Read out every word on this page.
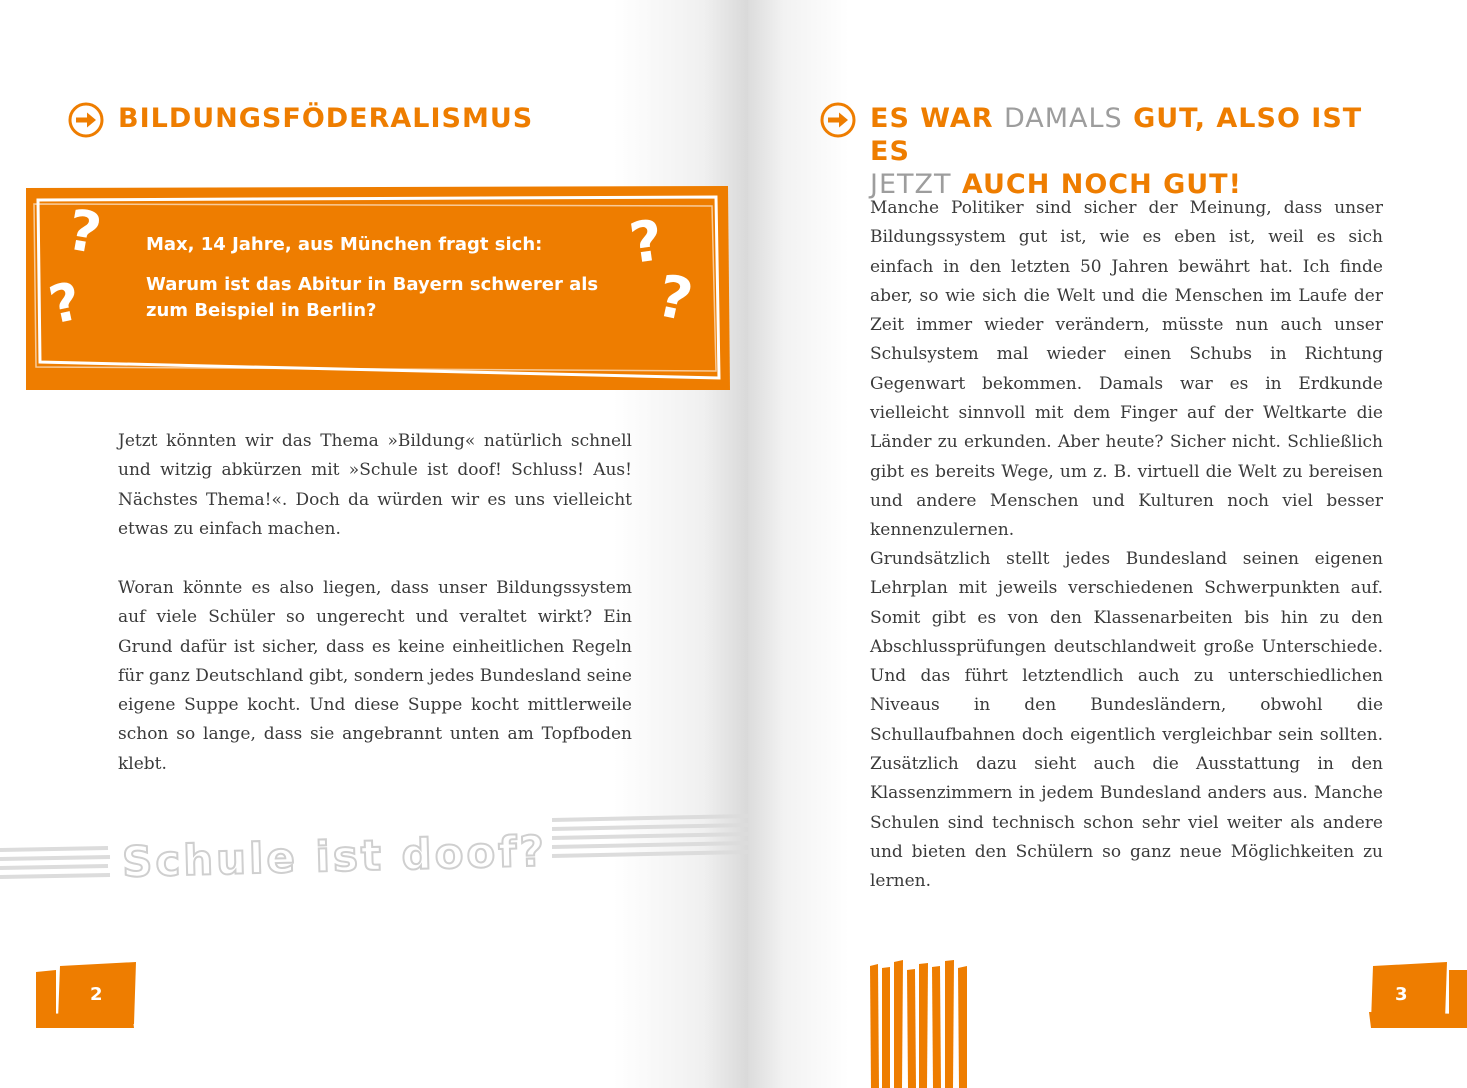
BILDUNGSFÖDERALISMUS
?
?
?
?

Max, 14 Jahre, aus München fragt sich:

Warum ist das Abitur in Bayern schwerer als zum Beispiel in Berlin?

Jetzt könnten wir das Thema »Bildung« natürlich schnell und witzig abkürzen mit »Schule ist doof! Schluss! Aus! Nächstes Thema!«. Doch da würden wir es uns vielleicht etwas zu einfach machen.

Woran könnte es also liegen, dass unser Bildungssystem auf viele Schüler so ungerecht und veraltet wirkt? Ein Grund dafür ist sicher, dass es keine einheitlichen Regeln für ganz Deutschland gibt, sondern jedes Bundesland seine eigene Suppe kocht. Und diese Suppe kocht mittlerweile schon so lange, dass sie angebrannt unten am Topfboden klebt.

Schule ist doof?
2
ES WAR DAMALS GUT, ALSO IST ES
JETZT AUCH NOCH GUT!

Manche Politiker sind sicher der Meinung, dass unser Bildungssystem gut ist, wie es eben ist, weil es sich einfach in den letzten 50 Jahren bewährt hat. Ich finde aber, so wie sich die Welt und die Menschen im Laufe der Zeit immer wieder verändern, müsste nun auch unser Schulsystem mal wieder einen Schubs in Richtung Gegenwart bekommen. Damals war es in Erdkunde vielleicht sinnvoll mit dem Finger auf der Weltkarte die Länder zu erkunden. Aber heute? Sicher nicht. Schließlich gibt es bereits Wege, um z. B. virtuell die Welt zu bereisen und andere Menschen und Kulturen noch viel besser kennenzulernen.

Grundsätzlich stellt jedes Bundesland seinen eigenen Lehrplan mit jeweils verschiedenen Schwerpunkten auf. Somit gibt es von den Klassenarbeiten bis hin zu den Abschlussprüfungen deutschlandweit große Unterschiede. Und das führt letztendlich auch zu unterschiedlichen Niveaus in den Bundesländern, obwohl die Schullaufbahnen doch eigentlich vergleichbar sein sollten. Zusätzlich dazu sieht auch die Ausstattung in den Klassenzimmern in jedem Bundesland anders aus. Manche Schulen sind technisch schon sehr viel weiter als andere und bieten den Schülern so ganz neue Möglichkeiten zu lernen.

3
